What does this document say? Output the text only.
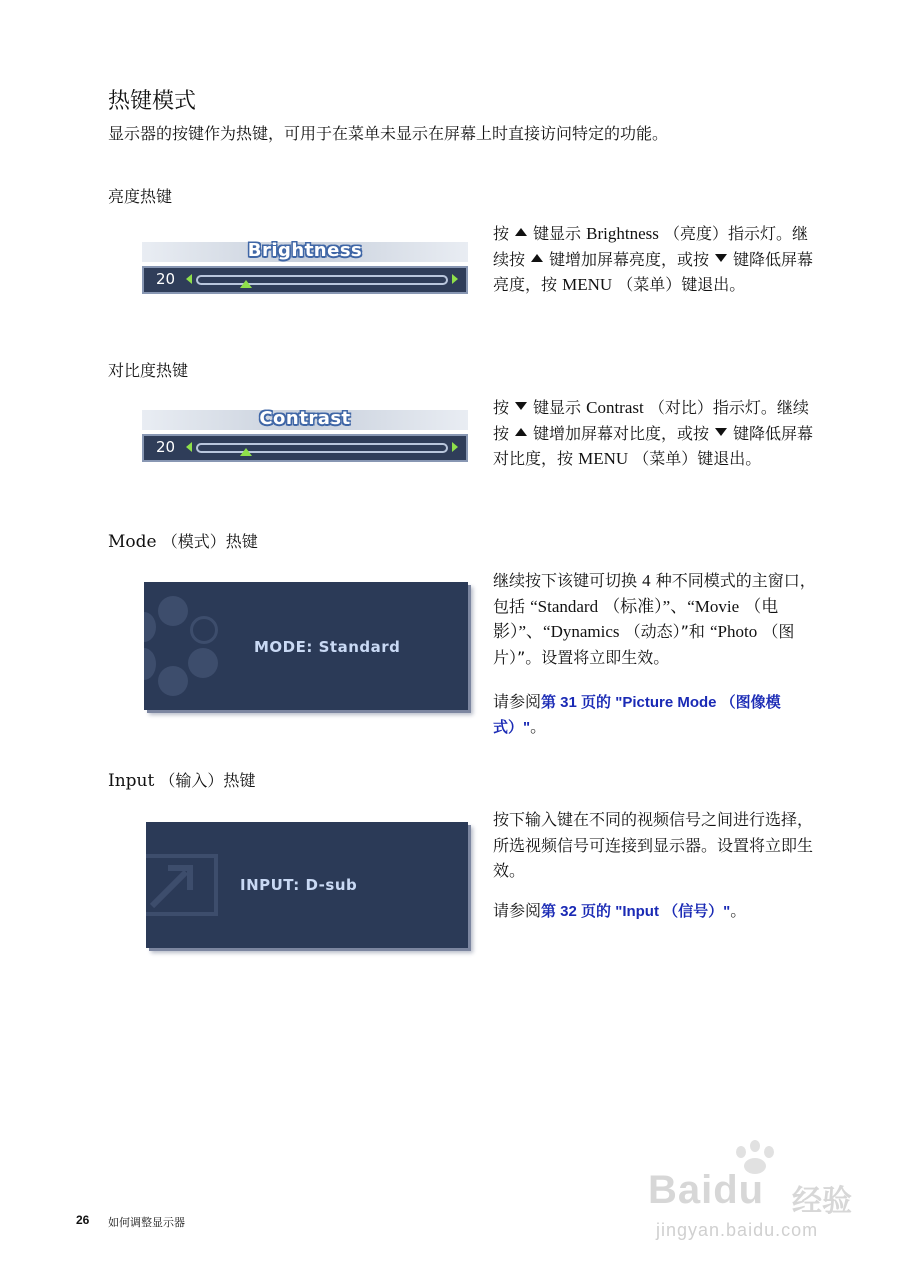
热键模式
显示器的按键作为热键，可用于在菜单未显示在屏幕上时直接访问特定的功能。
亮度热键
Brightness
20
按 键显示 Brightness （亮度）指示灯。继续按 键增加屏幕亮度，或按 键降低屏幕亮度，按 MENU （菜单）键退出。
对比度热键
Contrast
20
按 键显示 Contrast （对比）指示灯。继续按 键增加屏幕对比度，或按 键降低屏幕对比度，按 MENU （菜单）键退出。
Mode （模式）热键
MODE: Standard
继续按下该键可切换 4 种不同模式的主窗口，包括 “Standard （标准）”、“Movie （电影）”、“Dynamics （动态）”和 “Photo （图片）”。设置将立即生效。
请参阅第 31 页的 "Picture Mode （图像模式）"。
Input （输入）热键
INPUT: D-sub
按下输入键在不同的视频信号之间进行选择，所选视频信号可连接到显示器。设置将立即生效。
请参阅第 32 页的 "Input （信号）"。
26 如何调整显示器
Baidu 经验
jingyan.baidu.com
